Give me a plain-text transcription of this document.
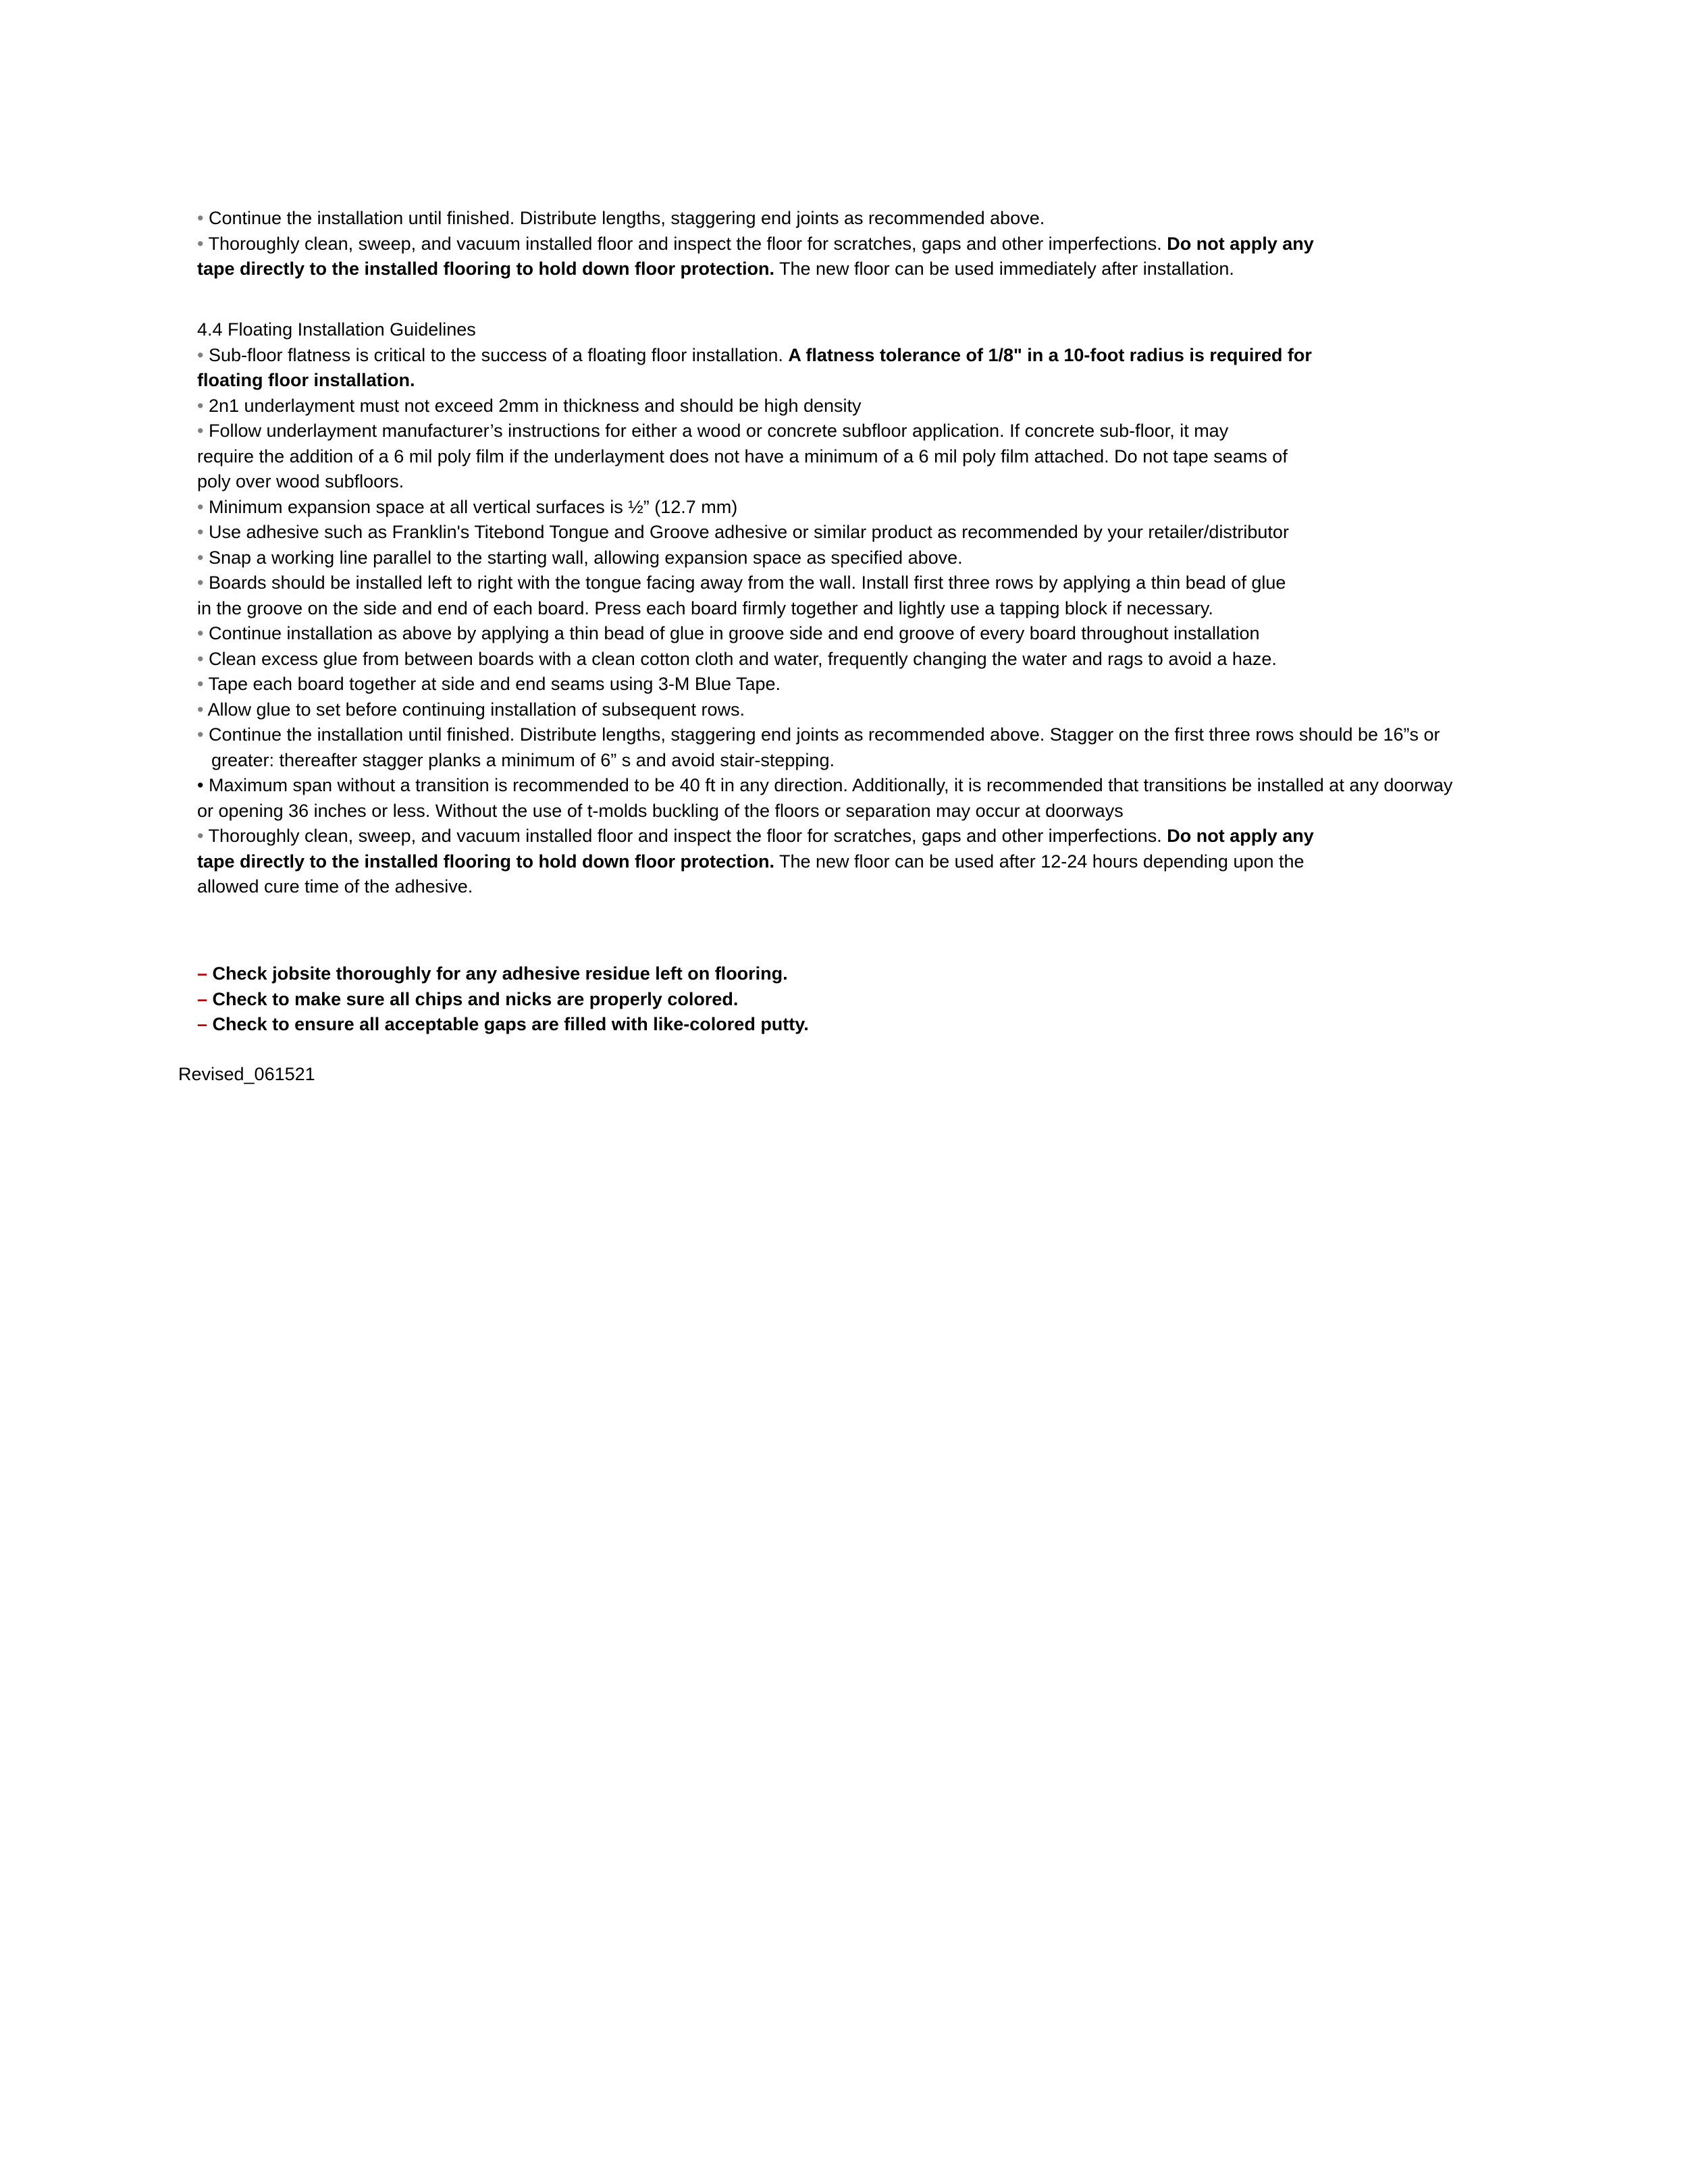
• Continue the installation until finished. Distribute lengths, staggering end joints as recommended above.
• Thoroughly clean, sweep, and vacuum installed floor and inspect the floor for scratches, gaps and other imperfections. Do not apply any
tape directly to the installed flooring to hold down floor protection. The new floor can be used immediately after installation.
4.4 Floating Installation Guidelines
• Sub-floor flatness is critical to the success of a floating floor installation. A flatness tolerance of 1/8" in a 10-foot radius is required for
floating floor installation.
• 2n1 underlayment must not exceed 2mm in thickness and should be high density
• Follow underlayment manufacturer’s instructions for either a wood or concrete subfloor application. If concrete sub-floor, it may
require the addition of a 6 mil poly film if the underlayment does not have a minimum of a 6 mil poly film attached. Do not tape seams of
poly over wood subfloors.
• Minimum expansion space at all vertical surfaces is ½” (12.7 mm)
• Use adhesive such as Franklin's Titebond Tongue and Groove adhesive or similar product as recommended by your retailer/distributor
• Snap a working line parallel to the starting wall, allowing expansion space as specified above.
• Boards should be installed left to right with the tongue facing away from the wall. Install first three rows by applying a thin bead of glue
in the groove on the side and end of each board. Press each board firmly together and lightly use a tapping block if necessary.
• Continue installation as above by applying a thin bead of glue in groove side and end groove of every board throughout installation
• Clean excess glue from between boards with a clean cotton cloth and water, frequently changing the water and rags to avoid a haze.
• Tape each board together at side and end seams using 3-M Blue Tape.
• Allow glue to set before continuing installation of subsequent rows.
• Continue the installation until finished. Distribute lengths, staggering end joints as recommended above. Stagger on the first three rows should be 16”s or
greater: thereafter stagger planks a minimum of 6” s and avoid stair-stepping.
• Maximum span without a transition is recommended to be 40 ft in any direction. Additionally, it is recommended that transitions be installed at any doorway
or opening 36 inches or less. Without the use of t-molds buckling of the floors or separation may occur at doorways
• Thoroughly clean, sweep, and vacuum installed floor and inspect the floor for scratches, gaps and other imperfections. Do not apply any
tape directly to the installed flooring to hold down floor protection. The new floor can be used after 12-24 hours depending upon the
allowed cure time of the adhesive.
– Check jobsite thoroughly for any adhesive residue left on flooring.
– Check to make sure all chips and nicks are properly colored.
– Check to ensure all acceptable gaps are filled with like-colored putty.
Revised_061521
